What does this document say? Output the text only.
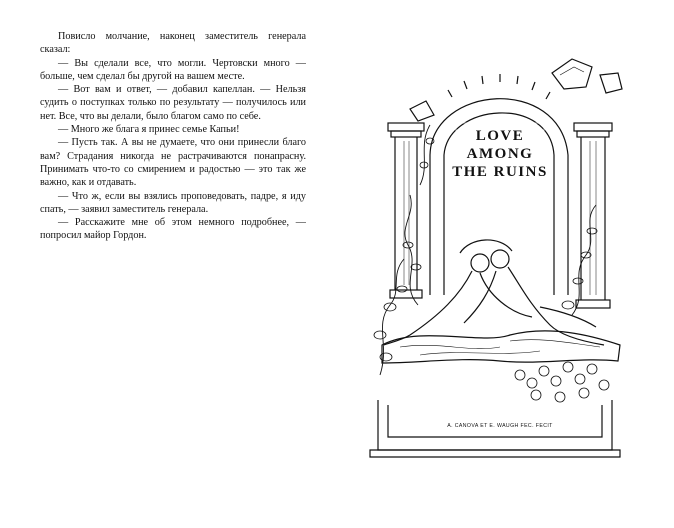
Повисло молчание, наконец заместитель генерала сказал:

— Вы сделали все, что могли. Чертовски много — больше, чем сделал бы другой на вашем месте.

— Вот вам и ответ, — добавил капеллан. — Нельзя судить о поступках только по результату — получилось или нет. Все, что вы делали, было благом само по себе.

— Много же блага я принес семье Капьи!

— Пусть так. А вы не думаете, что они принесли благо вам? Страдания никогда не растрачиваются понапрасну. Принимать что-то со смирением и радостью — это так же важно, как и отдавать.

— Что ж, если вы взялись проповедовать, падре, я иду спать, — заявил заместитель генерала.

— Расскажите мне об этом немного подробнее, — попросил майор Гордон.

LOVE
AMONG
THE RUINS
A. CANOVA ET E. WAUGH FEC. FECIT
